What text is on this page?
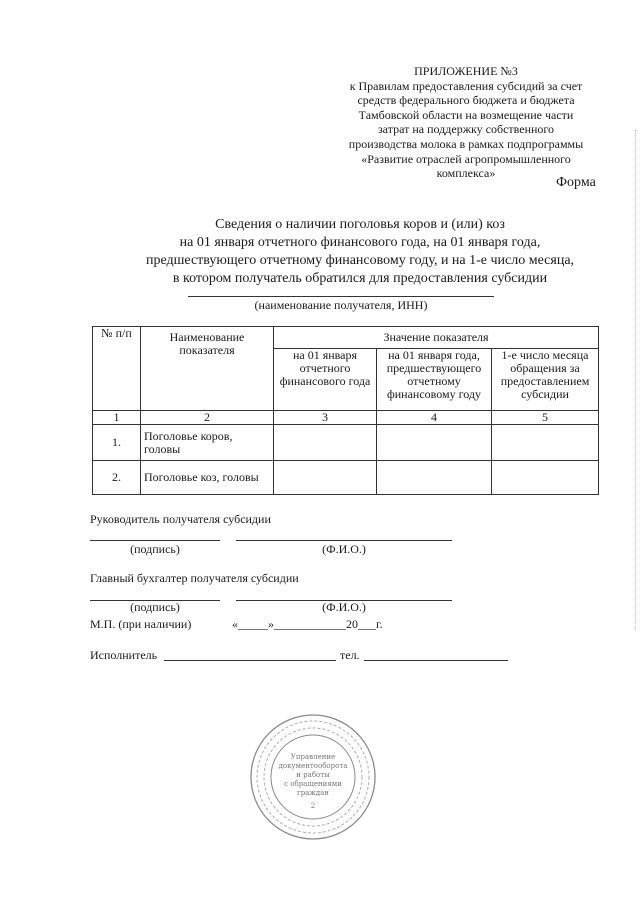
ПРИЛОЖЕНИЕ №3
к Правилам предоставления субсидий за счет
средств федерального бюджета и бюджета
Тамбовской области на возмещение части
затрат на поддержку собственного
производства молока в рамках подпрограммы
«Развитие отраслей агропромышленного
комплекса»
Форма
Сведения о наличии поголовья коров и (или) коз
на 01 января отчетного финансового года, на 01 января года,
предшествующего отчетному финансовому году, и на 1-е число месяца,
в котором получатель обратился для предоставления субсидии
(наименование получателя, ИНН)
№ п/п	Наименование показателя	Значение показателя		
		на 01 января отчетного финансового года	на 01 января года, предшествующего отчетному финансовому году	1-е число месяца обращения за предоставлением субсидии
1	2	3	4	5
1.	Поголовье коров, головы			
2.	Поголовье коз, головы			
Руководитель получателя субсидии
(подпись)	(Ф.И.О.)
Главный бухгалтер получателя субсидии
(подпись)	(Ф.И.О.)
М.П. (при наличии)	«_____»____________20___г.
Исполнитель	тел.
Управление
документооборота
и работы
с обращениями
граждан
2
